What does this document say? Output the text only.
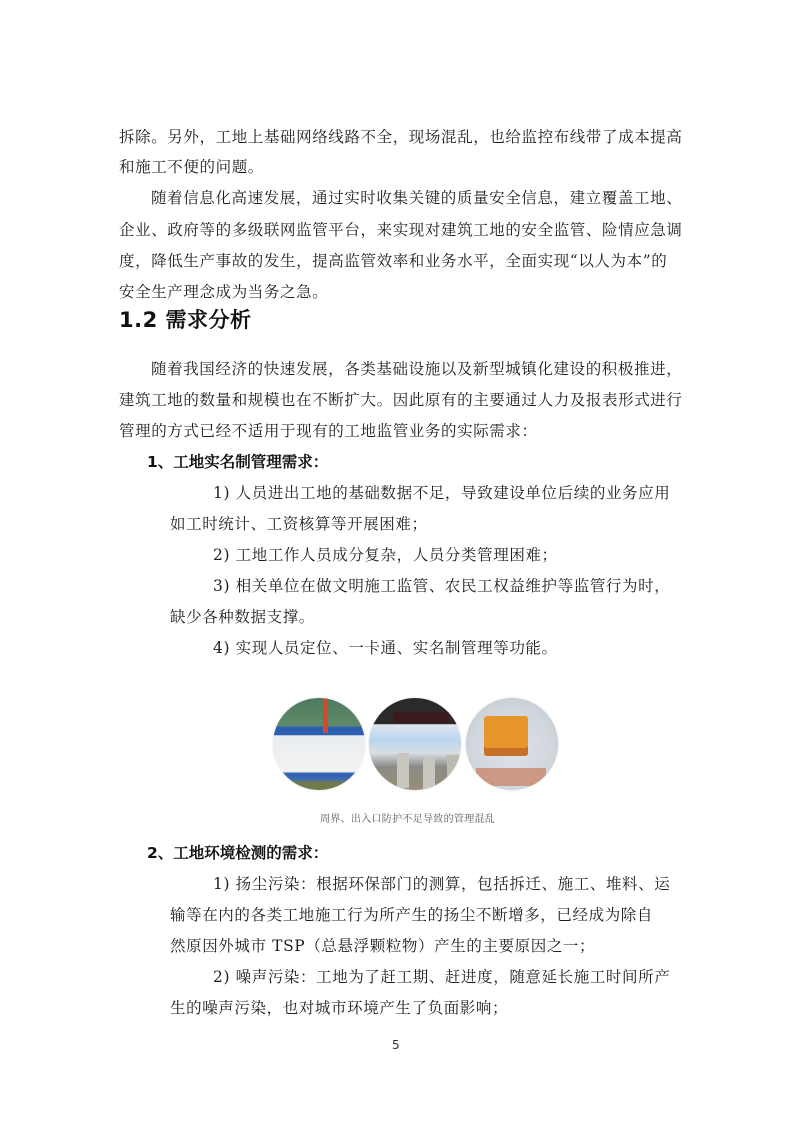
拆除。另外，工地上基础网络线路不全，现场混乱，也给监控布线带了成本提高
和施工不便的问题。
随着信息化高速发展，通过实时收集关键的质量安全信息，建立覆盖工地、
企业、政府等的多级联网监管平台，来实现对建筑工地的安全监管、险情应急调
度，降低生产事故的发生，提高监管效率和业务水平，全面实现“以人为本”的
安全生产理念成为当务之急。
1.2 需求分析
随着我国经济的快速发展，各类基础设施以及新型城镇化建设的积极推进，
建筑工地的数量和规模也在不断扩大。因此原有的主要通过人力及报表形式进行
管理的方式已经不适用于现有的工地监管业务的实际需求：
1、工地实名制管理需求：
1) 人员进出工地的基础数据不足，导致建设单位后续的业务应用
如工时统计、工资核算等开展困难；
2) 工地工作人员成分复杂，人员分类管理困难；
3) 相关单位在做文明施工监管、农民工权益维护等监管行为时，
缺少各种数据支撑。
4) 实现人员定位、一卡通、实名制管理等功能。
周界、出入口防护不足导致的管理混乱
2、工地环境检测的需求：
1) 扬尘污染：根据环保部门的测算，包括拆迁、施工、堆料、运
输等在内的各类工地施工行为所产生的扬尘不断增多，已经成为除自
然原因外城市 TSP（总悬浮颗粒物）产生的主要原因之一；
2) 噪声污染：工地为了赶工期、赶进度，随意延长施工时间所产
生的噪声污染，也对城市环境产生了负面影响；
5
